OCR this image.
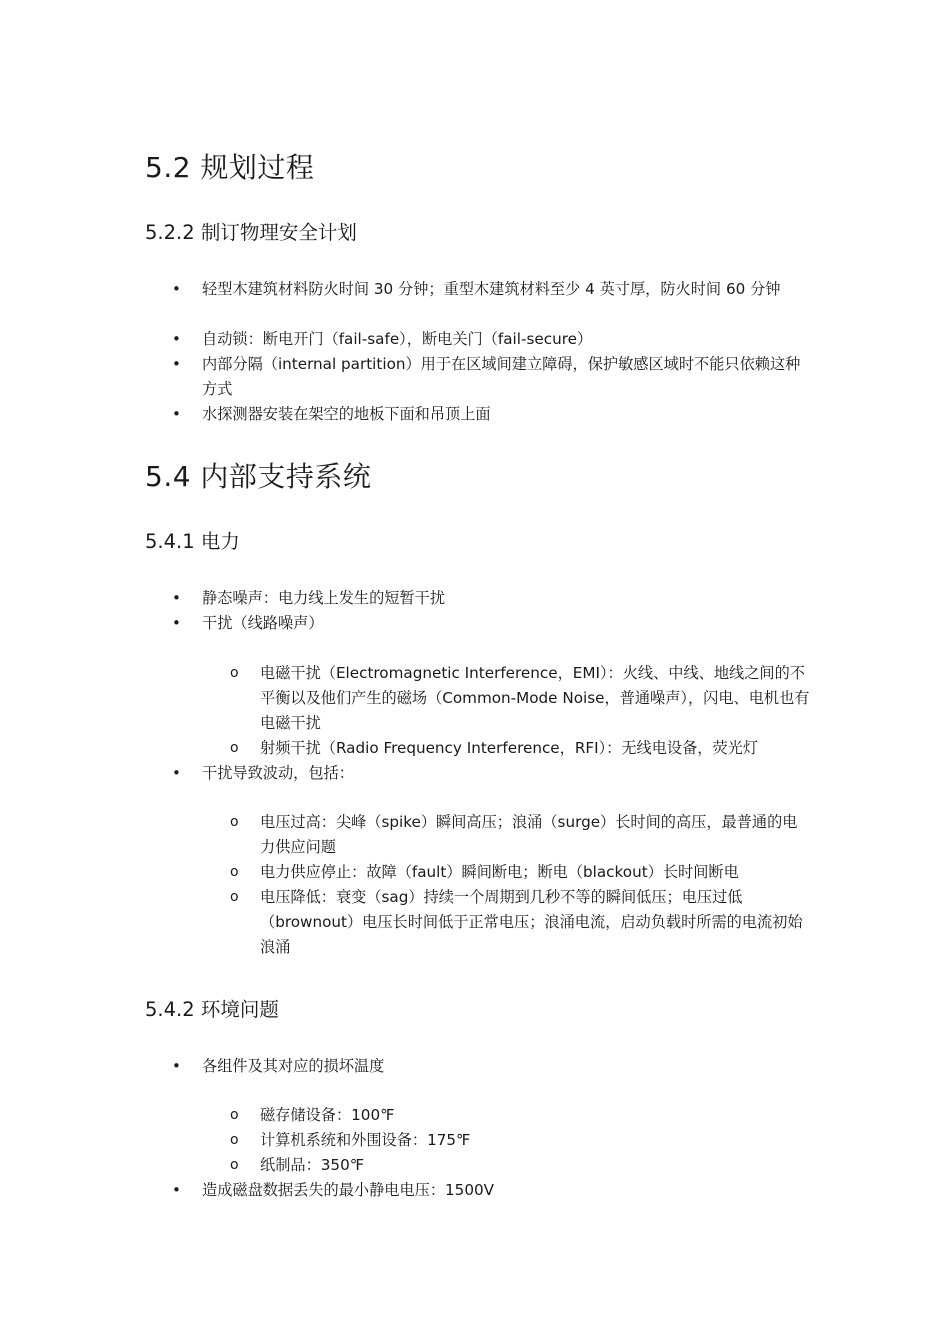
5.2 规划过程
5.2.2 制订物理安全计划
• 轻型木建筑材料防火时间 30 分钟；重型木建筑材料至少 4 英寸厚，防火时间 60 分钟
• 自动锁：断电开门（fail-safe），断电关门（fail-secure）
• 内部分隔（internal partition）用于在区域间建立障碍，保护敏感区域时不能只依赖这种方式
• 水探测器安装在架空的地板下面和吊顶上面
5.4 内部支持系统
5.4.1 电力
• 静态噪声：电力线上发生的短暂干扰
• 干扰（线路噪声）
o 电磁干扰（Electromagnetic Interference，EMI）：火线、中线、地线之间的不平衡以及他们产生的磁场（Common-Mode Noise，普通噪声），闪电、电机也有电磁干扰
o 射频干扰（Radio Frequency Interference，RFI）：无线电设备，荧光灯
• 干扰导致波动，包括：
o 电压过高：尖峰（spike）瞬间高压；浪涌（surge）长时间的高压，最普通的电力供应问题
o 电力供应停止：故障（fault）瞬间断电；断电（blackout）长时间断电
o 电压降低：衰变（sag）持续一个周期到几秒不等的瞬间低压；电压过低（brownout）电压长时间低于正常电压；浪涌电流，启动负载时所需的电流初始浪涌
5.4.2 环境问题
• 各组件及其对应的损坏温度
o 磁存储设备：100℉
o 计算机系统和外围设备：175℉
o 纸制品：350℉
• 造成磁盘数据丢失的最小静电电压：1500V
